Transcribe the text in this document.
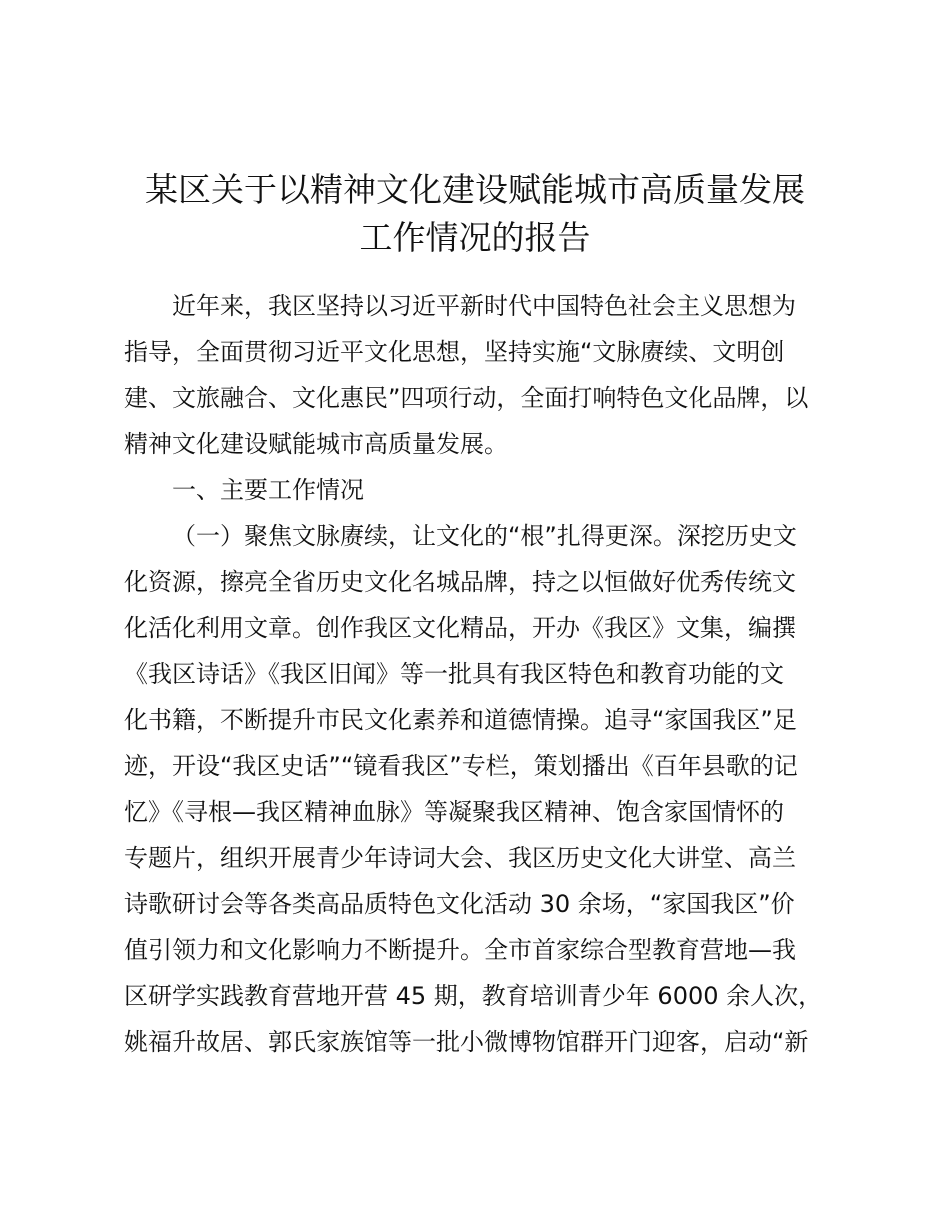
某区关于以精神文化建设赋能城市高质量发展
工作情况的报告
近年来，我区坚持以习近平新时代中国特色社会主义思想为
指导，全面贯彻习近平文化思想，坚持实施“文脉赓续、文明创
建、文旅融合、文化惠民”四项行动，全面打响特色文化品牌，以
精神文化建设赋能城市高质量发展。
一、主要工作情况
（一）聚焦文脉赓续，让文化的“根”扎得更深。深挖历史文
化资源，擦亮全省历史文化名城品牌，持之以恒做好优秀传统文
化活化利用文章。创作我区文化精品，开办《我区》文集，编撰
《我区诗话》《我区旧闻》等一批具有我区特色和教育功能的文
化书籍，不断提升市民文化素养和道德情操。追寻“家国我区”足
迹，开设“我区史话”“镜看我区”专栏，策划播出《百年县歌的记
忆》《寻根—我区精神血脉》等凝聚我区精神、饱含家国情怀的
专题片，组织开展青少年诗词大会、我区历史文化大讲堂、高兰
诗歌研讨会等各类高品质特色文化活动 30 余场，“家国我区”价
值引领力和文化影响力不断提升。全市首家综合型教育营地—我
区研学实践教育营地开营 45 期，教育培训青少年 6000 余人次，
姚福升故居、郭氏家族馆等一批小微博物馆群开门迎客，启动“新
